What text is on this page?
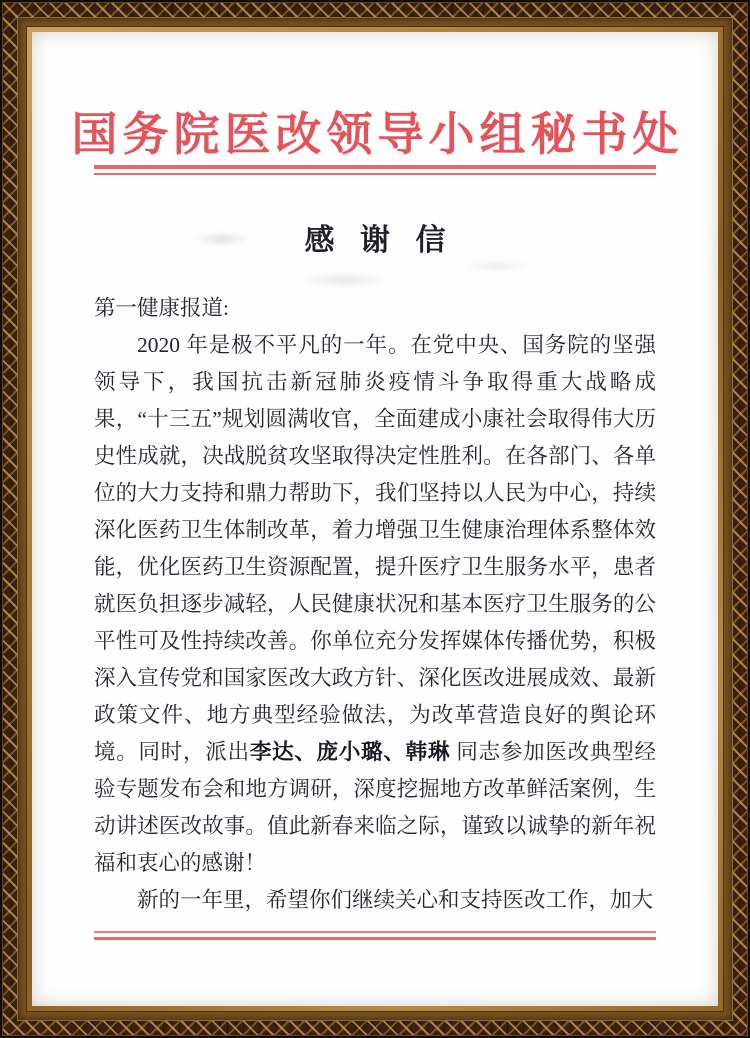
国务院医改领导小组秘书处
感谢信

第一健康报道:

2020 年是极不平凡的一年。在党中央、国务院的坚强领导下，我国抗击新冠肺炎疫情斗争取得重大战略成果，“十三五”规划圆满收官，全面建成小康社会取得伟大历史性成就，决战脱贫攻坚取得决定性胜利。在各部门、各单位的大力支持和鼎力帮助下，我们坚持以人民为中心，持续深化医药卫生体制改革，着力增强卫生健康治理体系整体效能，优化医药卫生资源配置，提升医疗卫生服务水平，患者就医负担逐步减轻，人民健康状况和基本医疗卫生服务的公平性可及性持续改善。你单位充分发挥媒体传播优势，积极深入宣传党和国家医改大政方针、深化医改进展成效、最新政策文件、地方典型经验做法，为改革营造良好的舆论环境。同时，派出李达、庞小璐、韩琳 同志参加医改典型经验专题发布会和地方调研，深度挖掘地方改革鲜活案例，生动讲述医改故事。值此新春来临之际，谨致以诚挚的新年祝福和衷心的感谢！

新的一年里，希望你们继续关心和支持医改工作，加大
